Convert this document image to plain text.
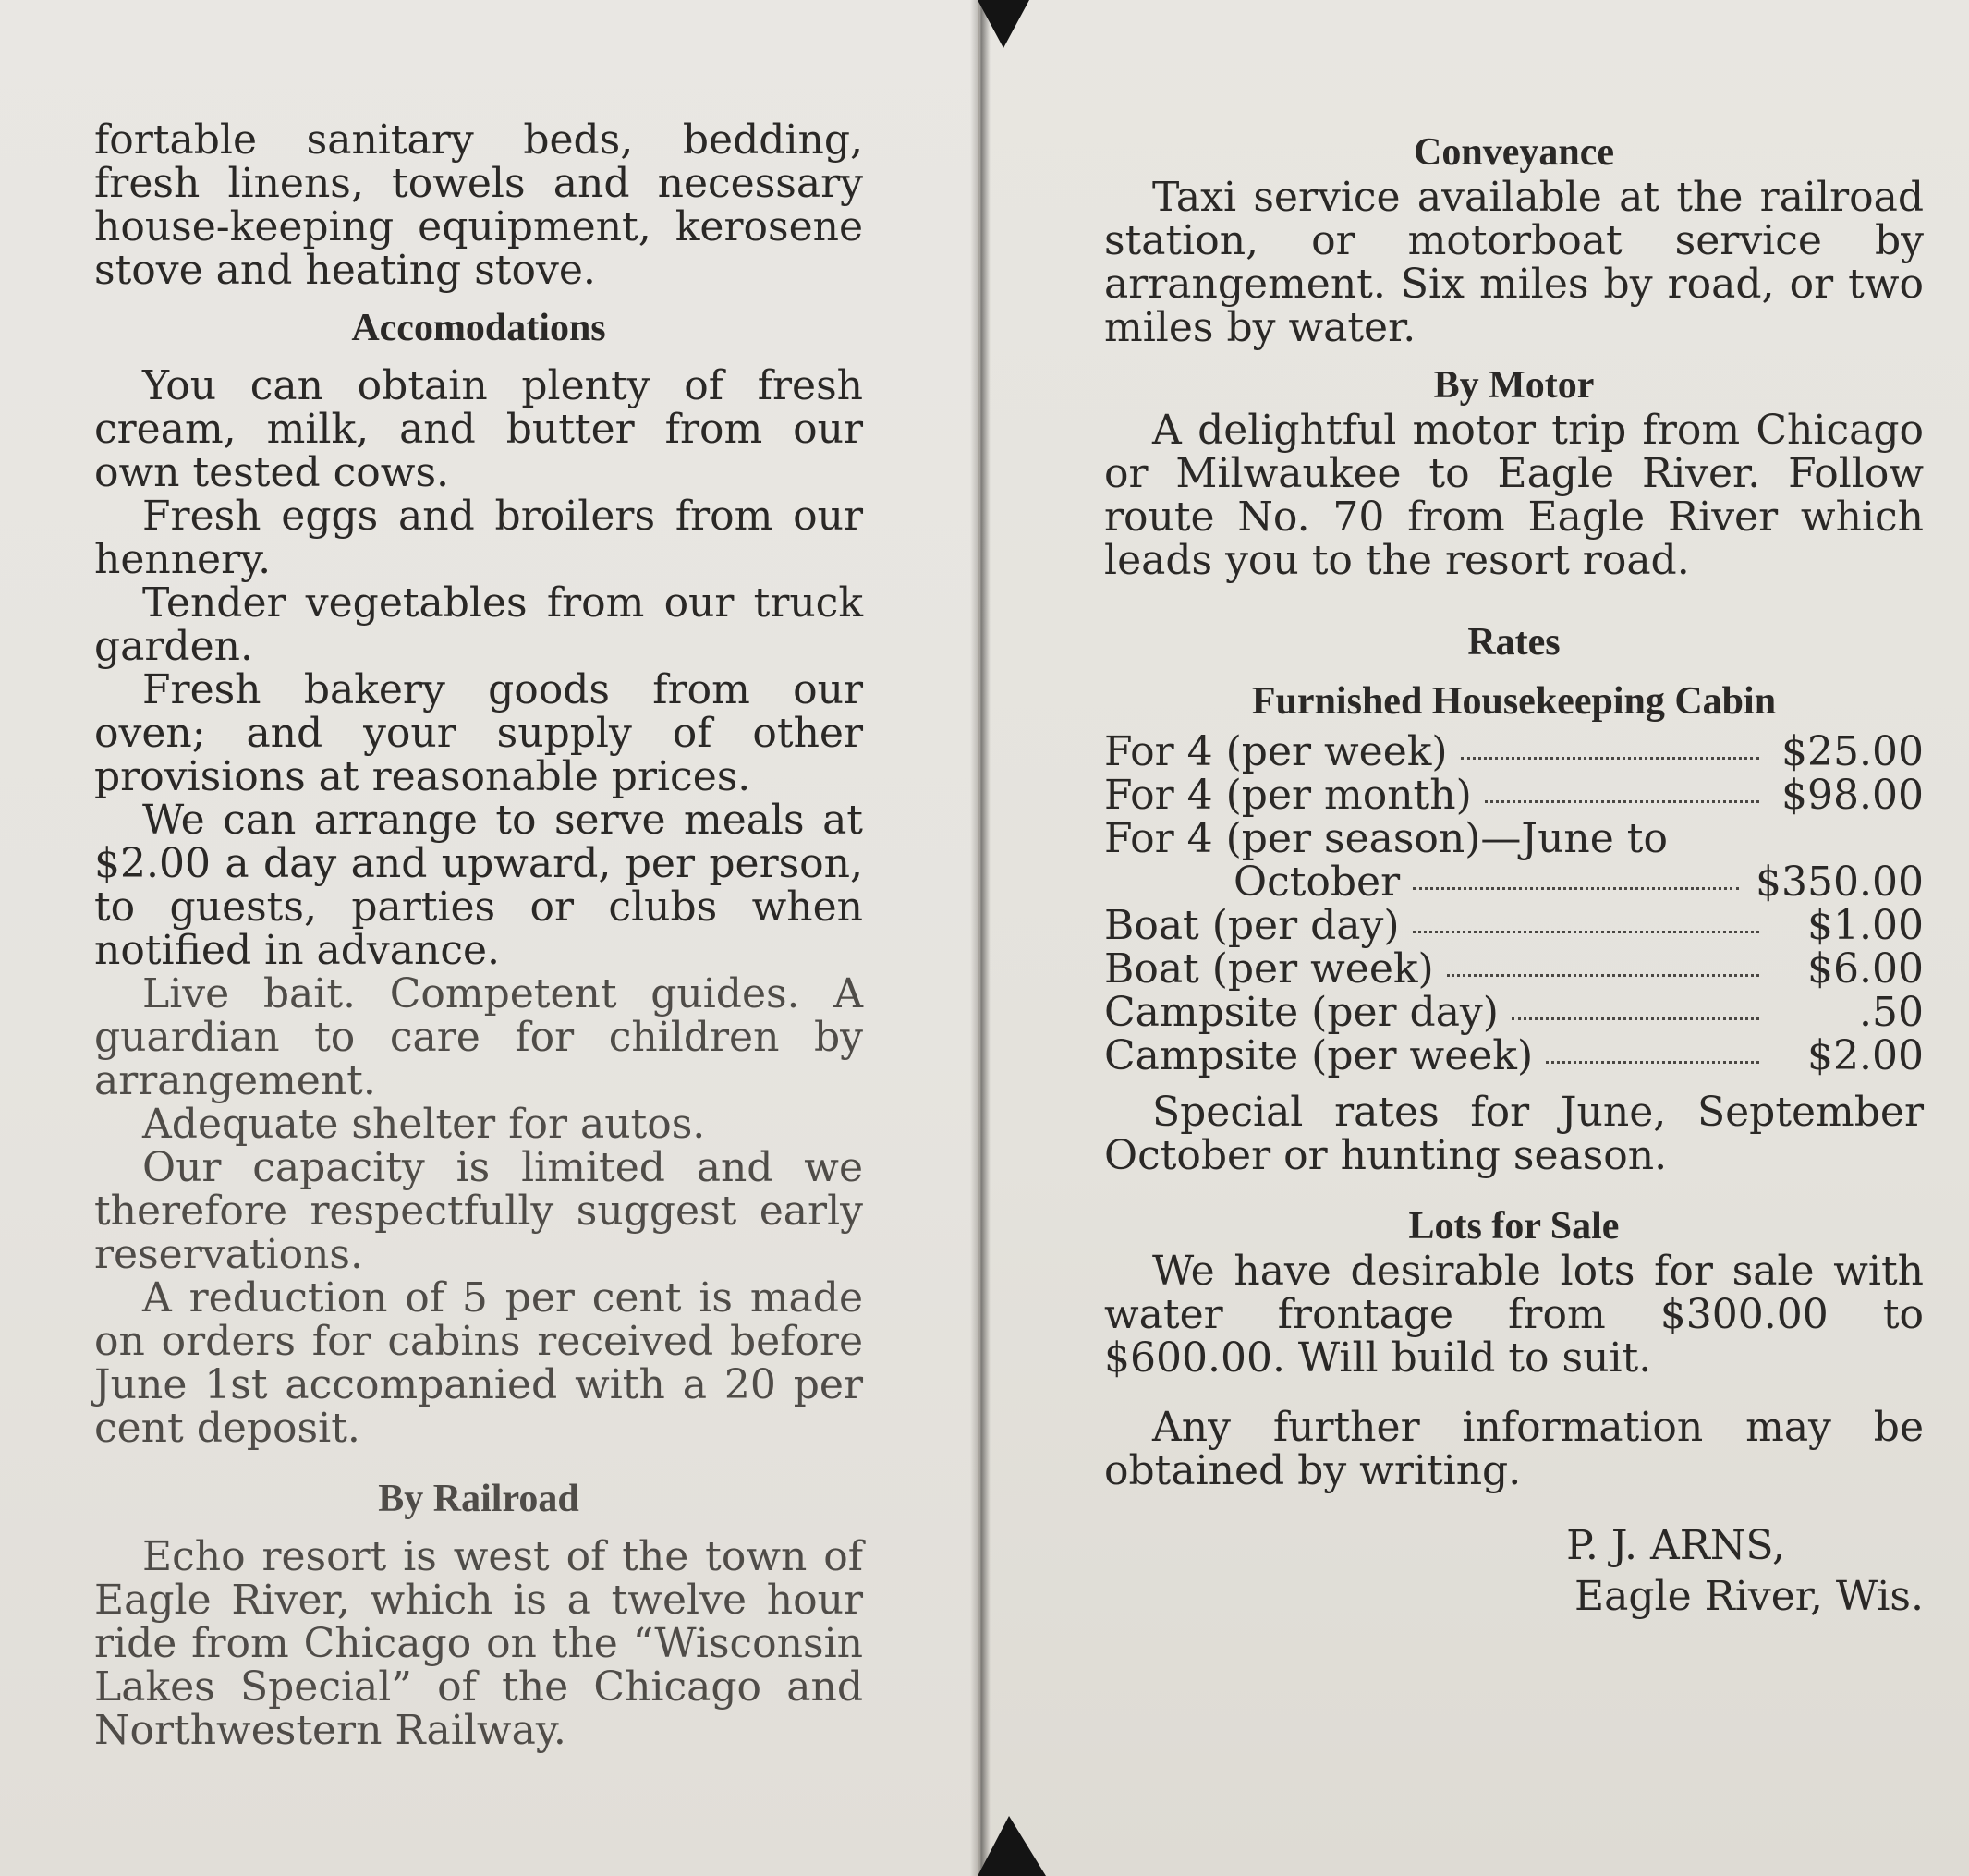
fortable sanitary beds, bedding, fresh linens, towels and necessary house-keeping equipment, kerosene stove and heating stove.

Accomodations

You can obtain plenty of fresh cream, milk, and butter from our own tested cows.

Fresh eggs and broilers from our hennery.

Tender vegetables from our truck garden.

Fresh bakery goods from our oven; and your supply of other provisions at reasonable prices.

We can arrange to serve meals at $2.00 a day and upward, per person, to guests, parties or clubs when notified in advance.

Live bait. Competent guides. A guardian to care for children by arrangement.

Adequate shelter for autos.

Our capacity is limited and we therefore respectfully suggest early reservations.

A reduction of 5 per cent is made on orders for cabins received before June 1st accompanied with a 20 per cent deposit.

By Railroad

Echo resort is west of the town of Eagle River, which is a twelve hour ride from Chicago on the “Wisconsin Lakes Special” of the Chicago and Northwestern Railway.

Conveyance

Taxi service available at the railroad station, or motorboat service by arrangement. Six miles by road, or two miles by water.

By Motor

A delightful motor trip from Chicago or Milwaukee to Eagle River. Follow route No. 70 from Eagle River which leads you to the resort road.

Rates
Furnished Housekeeping Cabin
For 4 (per week)	$25.00
For 4 (per month)	$98.00
For 4 (per season)—June to
October	$350.00
Boat (per day)	$1.00
Boat (per week)	$6.00
Campsite (per day)	.50
Campsite (per week)	$2.00

Special rates for June, September October or hunting season.

Lots for Sale

We have desirable lots for sale with water frontage from $300.00 to $600.00. Will build to suit.

Any further information may be obtained by writing.

P. J. ARNS,
Eagle River, Wis.
